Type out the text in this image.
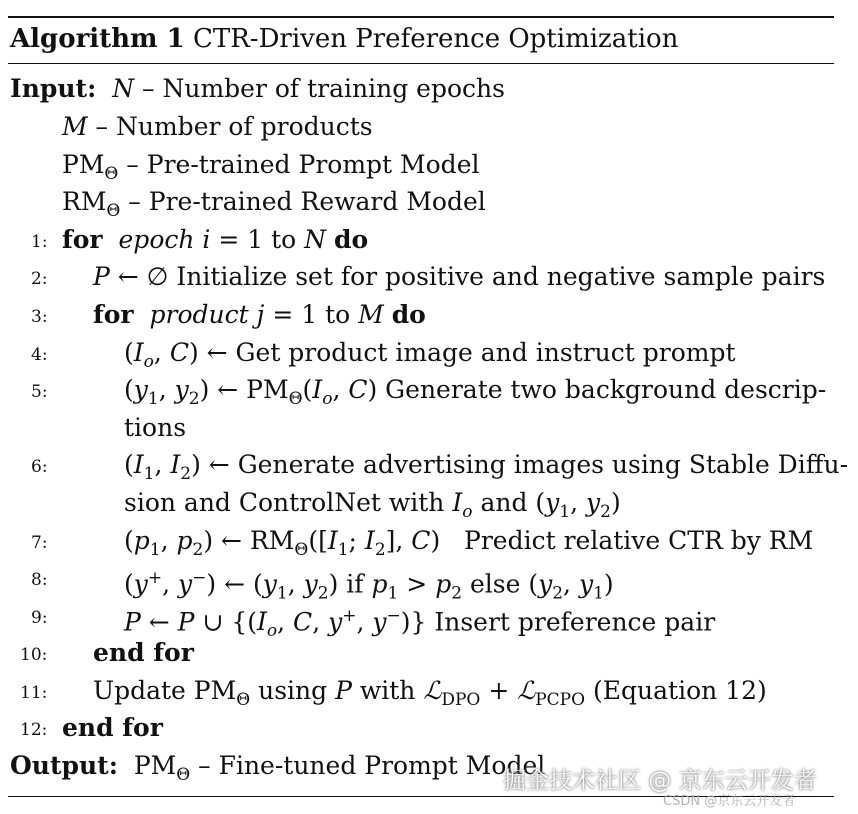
Algorithm 1 CTR-Driven Preference Optimization
Input: N – Number of training epochs
M – Number of products
$PM_\Theta$ – Pre-trained Prompt Model
$RM_\Theta$ – Pre-trained Reward Model
1:
2:
3:
4:
5:
6:
7:
8:
9:
10:
11:
12:
for epoch i = 1 to N do
P ← ∅ Initialize set for positive and negative sample pairs
for product j = 1 to M do
($I_o$, C) ← Get product image and instruct prompt
($y_1$, $y_2$) ← $PM_\Theta(I_o$, C) Generate two background descrip-
tions
($I_1$, $I_2$) ← Generate advertising images using Stable Diffu-
sion and ControlNet with $I_o$ and ($y_1$, $y_2$)
($p_1$, $p_2$) ← $RM_\Theta([I_1$; $I_2$], C)   Predict relative CTR by RM
(y+, y−) ← ($y_1$, $y_2$) if $p_1 > p_2$ else ($y_2$, $y_1$)
P ← P ∪ {($I_o$, C, y+, y−)} Insert preference pair
end for
Update $PM_\Theta$ using P with ℒ$_{DPO}$ + ℒ$_{PCPO}$ (Equation 12)
end for
Output:  $PM_\Theta$ – Fine-tuned Prompt Model
掘金技术社区 @ 京东云开发者
CSDN @京东云开发者
